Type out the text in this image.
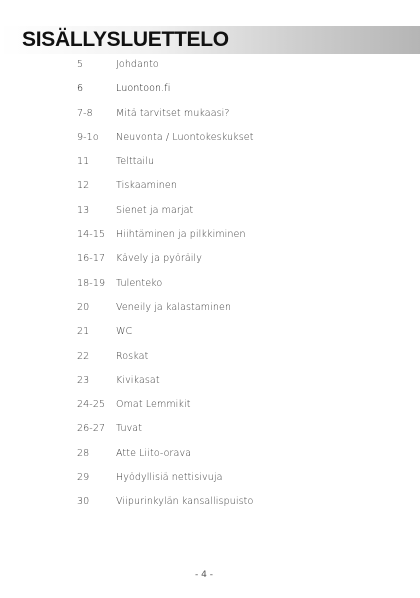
SISÄLLYSLUETTELO
5	Johdanto
6	Luontoon.fi
7-8 Mitä tarvitset mukaasi?
9-1o Neuvonta / Luontokeskukset
11	Telttailu
12	Tiskaaminen
13	Sienet ja marjat
14-15 Hiihtäminen ja pilkkiminen
16-17 Kävely ja pyöräily
18-19 Tulenteko
20	Veneily ja kalastaminen
21	WC
22	Roskat
23	Kivikasat
24-25 Omat Lemmikit
26-27 Tuvat
28	Atte Liito-orava
29	Hyödyllisiä nettisivuja
30	Viipurinkylän kansallispuisto
- 4 -
